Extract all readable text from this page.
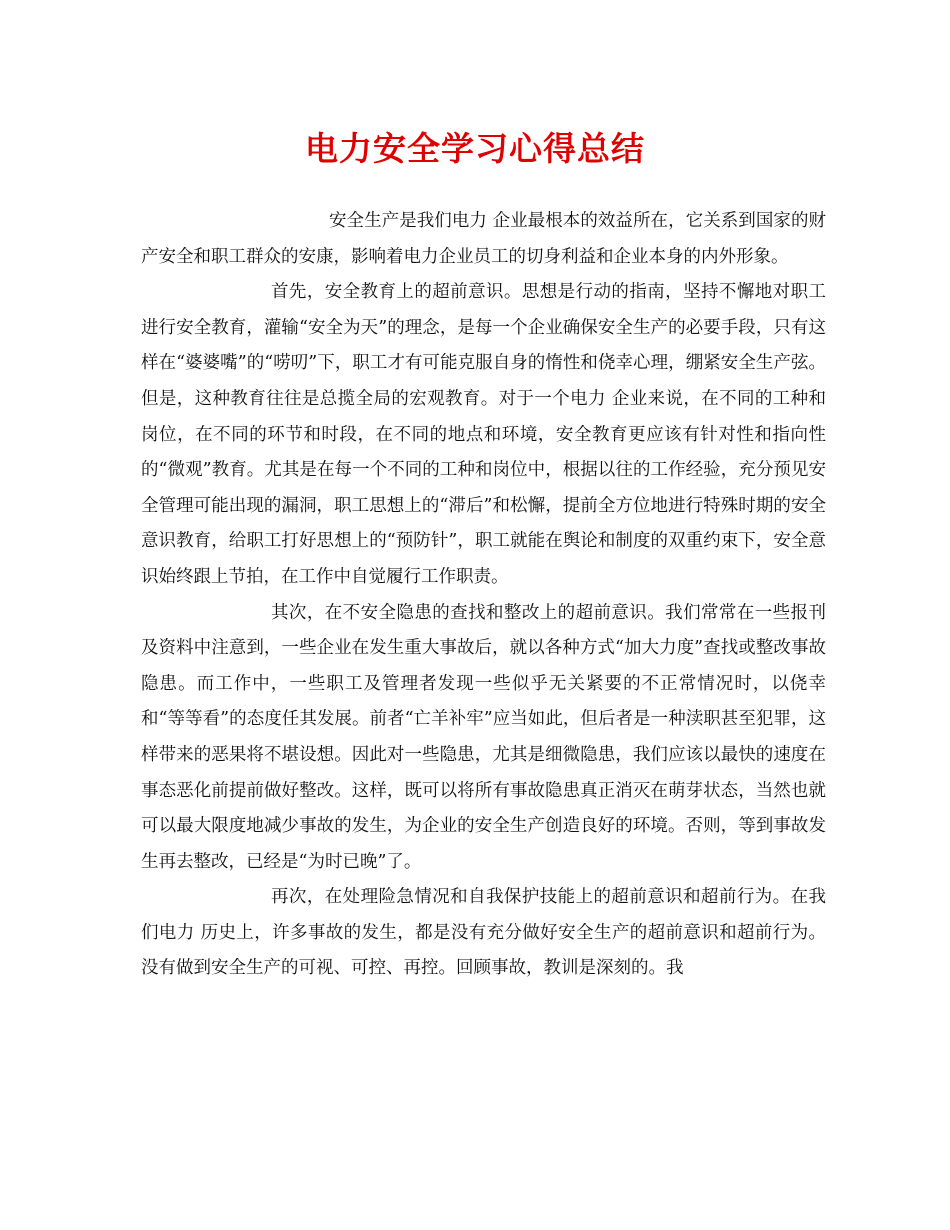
电力安全学习心得总结

安全生产是我们电力 企业最根本的效益所在，它关系到国家的财产安全和职工群众的安康，影响着电力企业员工的切身利益和企业本身的内外形象。

首先，安全教育上的超前意识。思想是行动的指南，坚持不懈地对职工进行安全教育，灌输“安全为天”的理念，是每一个企业确保安全生产的必要手段，只有这样在“婆婆嘴”的“唠叨”下，职工才有可能克服自身的惰性和侥幸心理，绷紧安全生产弦。但是，这种教育往往是总揽全局的宏观教育。对于一个电力 企业来说，在不同的工种和岗位，在不同的环节和时段，在不同的地点和环境，安全教育更应该有针对性和指向性的“微观”教育。尤其是在每一个不同的工种和岗位中，根据以往的工作经验，充分预见安全管理可能出现的漏洞，职工思想上的“滞后”和松懈，提前全方位地进行特殊时期的安全意识教育，给职工打好思想上的“预防针”，职工就能在舆论和制度的双重约束下，安全意识始终跟上节拍，在工作中自觉履行工作职责。

其次，在不安全隐患的查找和整改上的超前意识。我们常常在一些报刊及资料中注意到，一些企业在发生重大事故后，就以各种方式“加大力度”查找或整改事故隐患。而工作中，一些职工及管理者发现一些似乎无关紧要的不正常情况时，以侥幸和“等等看”的态度任其发展。前者“亡羊补牢”应当如此，但后者是一种渎职甚至犯罪，这样带来的恶果将不堪设想。因此对一些隐患，尤其是细微隐患，我们应该以最快的速度在事态恶化前提前做好整改。这样，既可以将所有事故隐患真正消灭在萌芽状态，当然也就可以最大限度地减少事故的发生，为企业的安全生产创造良好的环境。否则，等到事故发生再去整改，已经是“为时已晚”了。

再次，在处理险急情况和自我保护技能上的超前意识和超前行为。在我们电力 历史上，许多事故的发生，都是没有充分做好安全生产的超前意识和超前行为。没有做到安全生产的可视、可控、再控。回顾事故，教训是深刻的。我
